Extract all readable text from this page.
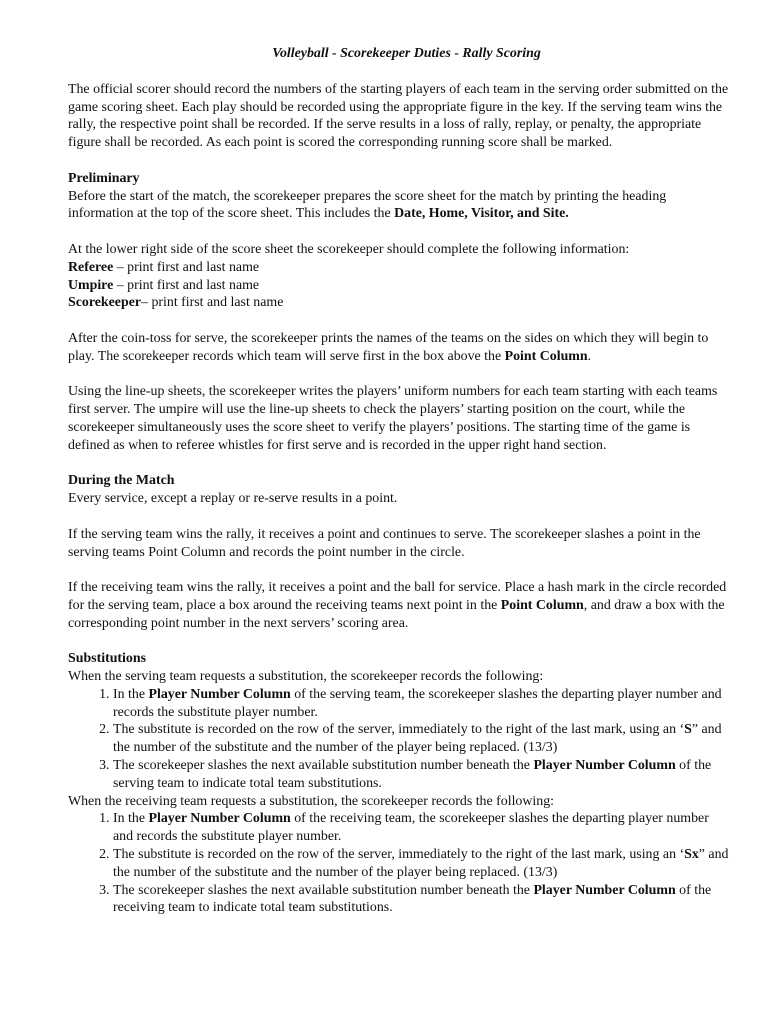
Volleyball - Scorekeeper Duties - Rally Scoring

The official scorer should record the numbers of the starting players of each team in the serving order submitted on the game scoring sheet. Each play should be recorded using the appropriate figure in the key. If the serving team wins the rally, the respective point shall be recorded. If the serve results in a loss of rally, replay, or penalty, the appropriate figure shall be recorded. As each point is scored the corresponding running score shall be marked.

Preliminary

Before the start of the match, the scorekeeper prepares the score sheet for the match by printing the heading information at the top of the score sheet. This includes the Date, Home, Visitor, and Site.

At the lower right side of the score sheet the scorekeeper should complete the following information:

Referee – print first and last name
Umpire – print first and last name

Scorekeeper– print first and last name

After the coin-toss for serve, the scorekeeper prints the names of the teams on the sides on which they will begin to play. The scorekeeper records which team will serve first in the box above the Point Column.

Using the line-up sheets, the scorekeeper writes the players’ uniform numbers for each team starting with each teams first server. The umpire will use the line-up sheets to check the players’ starting position on the court, while the scorekeeper simultaneously uses the score sheet to verify the players’ positions. The starting time of the game is defined as when to referee whistles for first serve and is recorded in the upper right hand section.

During the Match

Every service, except a replay or re-serve results in a point.

If the serving team wins the rally, it receives a point and continues to serve. The scorekeeper slashes a point in the serving teams Point Column and records the point number in the circle.

If the receiving team wins the rally, it receives a point and the ball for service. Place a hash mark in the circle recorded for the serving team, place a box around the receiving teams next point in the Point Column, and draw a box with the corresponding point number in the next servers’ scoring area.

Substitutions
When the serving team requests a substitution, the scorekeeper records the following:
1. In the Player Number Column of the serving team, the scorekeeper slashes the departing player number and records the substitute player number.
2. The substitute is recorded on the row of the server, immediately to the right of the last mark, using an ‘S” and the number of the substitute and the number of the player being replaced. (13/3)
3. The scorekeeper slashes the next available substitution number beneath the Player Number Column of the serving team to indicate total team substitutions.
When the receiving team requests a substitution, the scorekeeper records the following:
1. In the Player Number Column of the receiving team, the scorekeeper slashes the departing player number and records the substitute player number.
2. The substitute is recorded on the row of the server, immediately to the right of the last mark, using an ‘Sx” and the number of the substitute and the number of the player being replaced. (13/3)
3. The scorekeeper slashes the next available substitution number beneath the Player Number Column of the receiving team to indicate total team substitutions.
